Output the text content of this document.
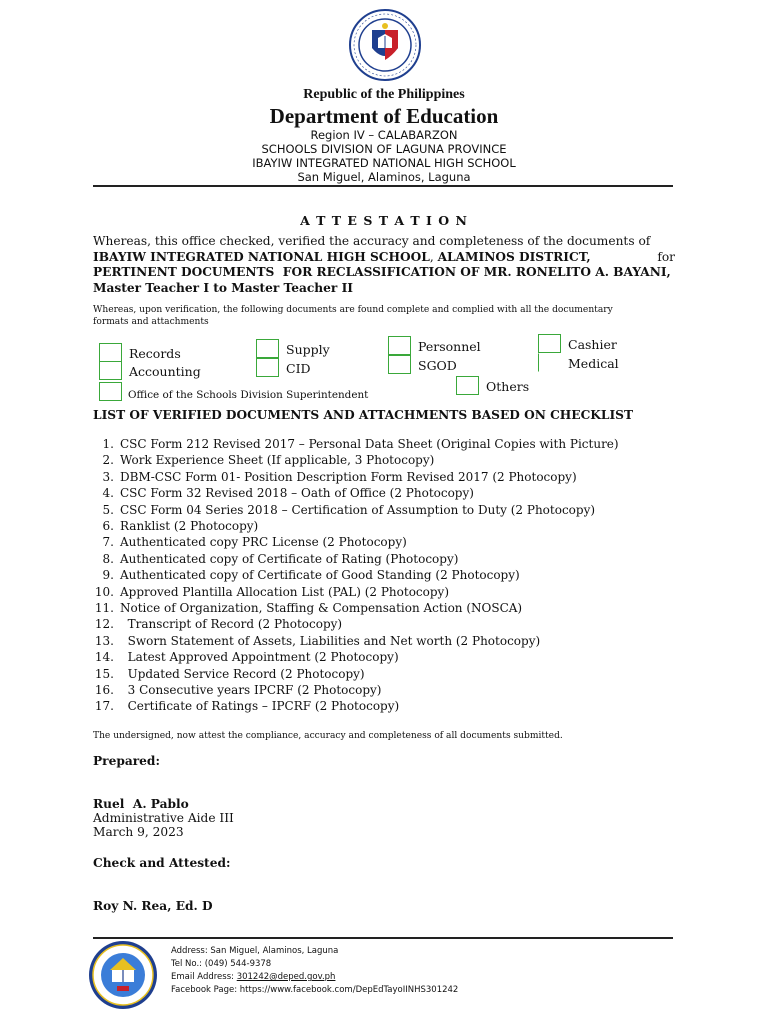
Republic of the Philippines
Department of Education
Region IV – CALABARZON
SCHOOLS DIVISION OF LAGUNA PROVINCE
IBAYIW INTEGRATED NATIONAL HIGH SCHOOL
San Miguel, Alaminos, Laguna
A T T E S T A T I O N
Whereas, this office checked, verified the accuracy and completeness of the documents of
IBAYIW INTEGRATED NATIONAL HIGH SCHOOL, ALAMINOS DISTRICT,	for
PERTINENT DOCUMENTS  FOR RECLASSIFICATION OF MR. RONELITO A. BAYANI,
Master Teacher I to Master Teacher II
Whereas, upon verification, the following documents are found complete and complied with all the documentary
formats and attachments
Records
Accounting
Office of the Schools Division Superintendent
Supply
CID
Personnel
SGOD
Others
Cashier
Medical
LIST OF VERIFIED DOCUMENTS AND ATTACHMENTS BASED ON CHECKLIST
1. CSC Form 212 Revised 2017 – Personal Data Sheet (Original Copies with Picture)
2. Work Experience Sheet (If applicable, 3 Photocopy)
3. DBM-CSC Form 01- Position Description Form Revised 2017 (2 Photocopy)
4. CSC Form 32 Revised 2018 – Oath of Office (2 Photocopy)
5. CSC Form 04 Series 2018 – Certification of Assumption to Duty (2 Photocopy)
6. Ranklist (2 Photocopy)
7. Authenticated copy PRC License (2 Photocopy)
8. Authenticated copy of Certificate of Rating (Photocopy)
9. Authenticated copy of Certificate of Good Standing (2 Photocopy)
10. Approved Plantilla Allocation List (PAL) (2 Photocopy)
11. Notice of Organization, Staffing & Compensation Action (NOSCA)
12.  Transcript of Record (2 Photocopy)
13.  Sworn Statement of Assets, Liabilities and Net worth (2 Photocopy)
14.  Latest Approved Appointment (2 Photocopy)
15.  Updated Service Record (2 Photocopy)
16.  3 Consecutive years IPCRF (2 Photocopy)
17.  Certificate of Ratings – IPCRF (2 Photocopy)
The undersigned, now attest the compliance, accuracy and completeness of all documents submitted.
Prepared:
Ruel  A. Pablo
Administrative Aide III
March 9, 2023
Check and Attested:
Roy N. Rea, Ed. D
Address: San Miguel, Alaminos, Laguna
Tel No.: (049) 544-9378
Email Address: 301242@deped.gov.ph
Facebook Page: https://www.facebook.com/DepEdTayoIINHS301242
